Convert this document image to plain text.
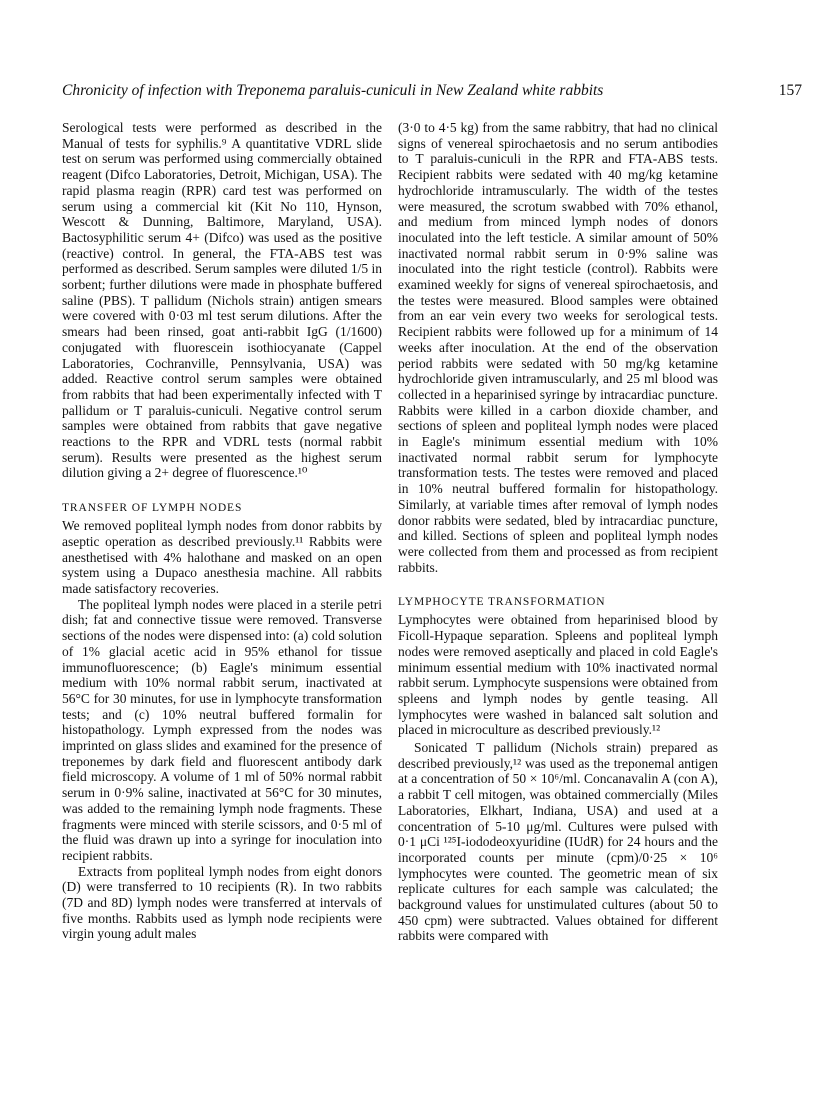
Chronicity of infection with Treponema paraluis-cuniculi in New Zealand white rabbits	157

Serological tests were performed as described in the Manual of tests for syphilis.⁹ A quantitative VDRL slide test on serum was performed using commercially obtained reagent (Difco Laboratories, Detroit, Michigan, USA). The rapid plasma reagin (RPR) card test was performed on serum using a commercial kit (Kit No 110, Hynson, Wescott & Dunning, Baltimore, Maryland, USA). Bactosyphilitic serum 4+ (Difco) was used as the positive (reactive) control. In general, the FTA-ABS test was performed as described. Serum samples were diluted 1/5 in sorbent; further dilutions were made in phosphate buffered saline (PBS). T pallidum (Nichols strain) antigen smears were covered with 0·03 ml test serum dilutions. After the smears had been rinsed, goat anti-rabbit IgG (1/1600) conjugated with fluorescein isothiocyanate (Cappel Laboratories, Cochranville, Pennsylvania, USA) was added. Reactive control serum samples were obtained from rabbits that had been experimentally infected with T pallidum or T paraluis-cuniculi. Negative control serum samples were obtained from rabbits that gave negative reactions to the RPR and VDRL tests (normal rabbit serum). Results were presented as the highest serum dilution giving a 2+ degree of fluorescence.¹⁰

TRANSFER OF LYMPH NODES

We removed popliteal lymph nodes from donor rabbits by aseptic operation as described previously.¹¹ Rabbits were anesthetised with 4% halothane and masked on an open system using a Dupaco anesthesia machine. All rabbits made satisfactory recoveries.

The popliteal lymph nodes were placed in a sterile petri dish; fat and connective tissue were removed. Transverse sections of the nodes were dispensed into: (a) cold solution of 1% glacial acetic acid in 95% ethanol for tissue immunofluorescence; (b) Eagle's minimum essential medium with 10% normal rabbit serum, inactivated at 56°C for 30 minutes, for use in lymphocyte transformation tests; and (c) 10% neutral buffered formalin for histopathology. Lymph expressed from the nodes was imprinted on glass slides and examined for the presence of treponemes by dark field and fluorescent antibody dark field microscopy. A volume of 1 ml of 50% normal rabbit serum in 0·9% saline, inactivated at 56°C for 30 minutes, was added to the remaining lymph node fragments. These fragments were minced with sterile scissors, and 0·5 ml of the fluid was drawn up into a syringe for inoculation into recipient rabbits.

Extracts from popliteal lymph nodes from eight donors (D) were transferred to 10 recipients (R). In two rabbits (7D and 8D) lymph nodes were transferred at intervals of five months. Rabbits used as lymph node recipients were virgin young adult males

(3·0 to 4·5 kg) from the same rabbitry, that had no clinical signs of venereal spirochaetosis and no serum antibodies to T paraluis-cuniculi in the RPR and FTA-ABS tests. Recipient rabbits were sedated with 40 mg/kg ketamine hydrochloride intramuscularly. The width of the testes were measured, the scrotum swabbed with 70% ethanol, and medium from minced lymph nodes of donors inoculated into the left testicle. A similar amount of 50% inactivated normal rabbit serum in 0·9% saline was inoculated into the right testicle (control). Rabbits were examined weekly for signs of venereal spirochaetosis, and the testes were measured. Blood samples were obtained from an ear vein every two weeks for serological tests. Recipient rabbits were followed up for a minimum of 14 weeks after inoculation. At the end of the observation period rabbits were sedated with 50 mg/kg ketamine hydrochloride given intramuscularly, and 25 ml blood was collected in a heparinised syringe by intracardiac puncture. Rabbits were killed in a carbon dioxide chamber, and sections of spleen and popliteal lymph nodes were placed in Eagle's minimum essential medium with 10% inactivated normal rabbit serum for lymphocyte transformation tests. The testes were removed and placed in 10% neutral buffered formalin for histopathology. Similarly, at variable times after removal of lymph nodes donor rabbits were sedated, bled by intracardiac puncture, and killed. Sections of spleen and popliteal lymph nodes were collected from them and processed as from recipient rabbits.

LYMPHOCYTE TRANSFORMATION

Lymphocytes were obtained from heparinised blood by Ficoll-Hypaque separation. Spleens and popliteal lymph nodes were removed aseptically and placed in cold Eagle's minimum essential medium with 10% inactivated normal rabbit serum. Lymphocyte suspensions were obtained from spleens and lymph nodes by gentle teasing. All lymphocytes were washed in balanced salt solution and placed in microculture as described previously.¹²

Sonicated T pallidum (Nichols strain) prepared as described previously,¹² was used as the treponemal antigen at a concentration of 50 × 10⁶/ml. Concanavalin A (con A), a rabbit T cell mitogen, was obtained commercially (Miles Laboratories, Elkhart, Indiana, USA) and used at a concentration of 5-10 μg/ml. Cultures were pulsed with 0·1 μCi ¹²⁵I-iododeoxyuridine (IUdR) for 24 hours and the incorporated counts per minute (cpm)/0·25 × 10⁶ lymphocytes were counted. The geometric mean of six replicate cultures for each sample was calculated; the background values for unstimulated cultures (about 50 to 450 cpm) were subtracted. Values obtained for different rabbits were compared with
